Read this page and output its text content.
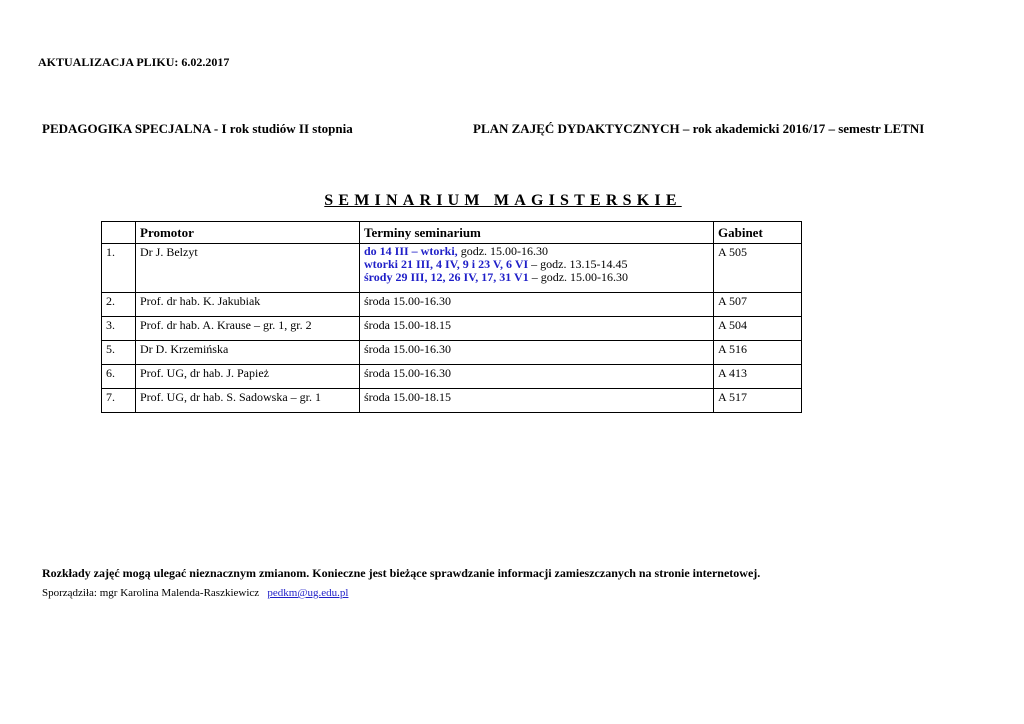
AKTUALIZACJA PLIKU: 6.02.2017
PEDAGOGIKA SPECJALNA - I rok studiów II stopnia	PLAN ZAJĘĆ DYDAKTYCZNYCH – rok akademicki 2016/17 – semestr LETNI
SEMINARIUM MAGISTERSKIE
	Promotor	Terminy seminarium	Gabinet
1.	Dr J. Belzyt	do 14 III – wtorki, godz. 15.00-16.30
wtorki 21 III, 4 IV, 9 i 23 V, 6 VI – godz. 13.15-14.45
środy 29 III, 12, 26 IV, 17, 31 V1 – godz. 15.00-16.30	A 505
2.	Prof. dr hab. K. Jakubiak	środa 15.00-16.30	A 507
3.	Prof. dr hab. A. Krause – gr. 1, gr. 2	środa 15.00-18.15	A 504
5.	Dr D. Krzemińska	środa 15.00-16.30	A 516
6.	Prof. UG, dr hab. J. Papież	środa 15.00-16.30	A 413
7.	Prof. UG, dr hab. S. Sadowska – gr. 1	środa 15.00-18.15	A 517
Rozkłady zajęć mogą ulegać nieznacznym zmianom. Konieczne jest bieżące sprawdzanie informacji zamieszczanych na stronie internetowej.
Sporządziła: mgr Karolina Malenda-Raszkiewicz pedkm@ug.edu.pl
